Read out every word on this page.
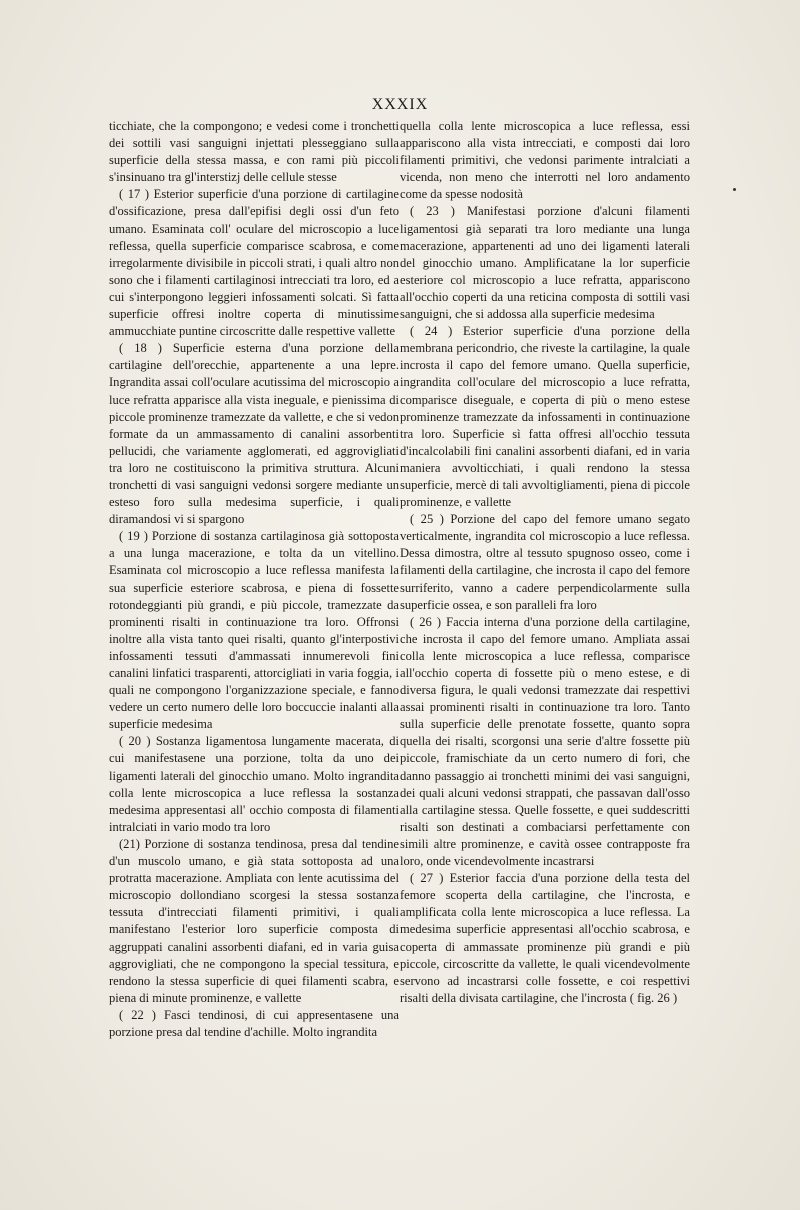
XXXIX

ticchiate, che la compongono; e vedesi come i tronchetti dei sottili vasi sanguigni injettati plesseggiano sulla superficie della stessa massa, e con rami più piccoli s'insinuano tra gl'interstizj delle cellule stesse

( 17 ) Esterior superficie d'una porzione di cartilagine d'ossificazione, presa dall'epifisi degli ossi d'un feto umano. Esaminata coll' oculare del microscopio a luce reflessa, quella superficie comparisce scabrosa, e come irregolarmente divisibile in piccoli strati, i quali altro non sono che i filamenti cartilaginosi intrecciati tra loro, ed a cui s'interpongono leggieri infossamenti solcati. Sì fatta superficie offresi inoltre coperta di minutissime ammucchiate puntine circoscritte dalle respettive vallette

( 18 ) Superficie esterna d'una porzione della cartilagine dell'orecchie, appartenente a una lepre. Ingrandita assai coll'oculare acutissima del microscopio a luce refratta apparisce alla vista ineguale, e pienissima di piccole prominenze tramezzate da vallette, e che si vedon formate da un ammassamento di canalini assorbenti pellucidi, che variamente agglomerati, ed aggrovigliati tra loro ne costituiscono la primitiva struttura. Alcuni tronchetti di vasi sanguigni vedonsi sorgere mediante un esteso foro sulla medesima superficie, i quali diramandosi vi si spargono

( 19 ) Porzione di sostanza cartilaginosa già sottoposta a una lunga macerazione, e tolta da un vitellino. Esaminata col microscopio a luce reflessa manifesta la sua superficie esteriore scabrosa, e piena di fossette rotondeggianti più grandi, e più piccole, tramezzate da prominenti risalti in continuazione tra loro. Offronsi inoltre alla vista tanto quei risalti, quanto gl'interpostivi infossamenti tessuti d'ammassati innumerevoli fini canalini linfatici trasparenti, attorcigliati in varia foggia, i quali ne compongono l'organizzazione speciale, e fanno vedere un certo numero delle loro boccuccie inalanti alla superficie medesima

( 20 ) Sostanza ligamentosa lungamente macerata, di cui manifestasene una porzione, tolta da uno dei ligamenti laterali del ginocchio umano. Molto ingrandita colla lente microscopica a luce reflessa la sostanza medesima appresentasi all' occhio composta di filamenti intralciati in vario modo tra loro

(21) Porzione di sostanza tendinosa, presa dal tendine d'un muscolo umano, e già stata sottoposta ad una protratta macerazione. Ampliata con lente acutissima del microscopio dollondiano scorgesi la stessa sostanza tessuta d'intrecciati filamenti primitivi, i quali manifestano l'esterior loro superficie composta di aggruppati canalini assorbenti diafani, ed in varia guisa aggrovigliati, che ne compongono la special tessitura, e rendono la stessa superficie di quei filamenti scabra, e piena di minute prominenze, e vallette

( 22 ) Fasci tendinosi, di cui appresentasene una porzione presa dal tendine d'achille. Molto ingrandita

quella colla lente microscopica a luce reflessa, essi appariscono alla vista intrecciati, e composti dai loro filamenti primitivi, che vedonsi parimente intralciati a vicenda, non meno che interrotti nel loro andamento come da spesse nodosità

( 23 ) Manifestasi porzione d'alcuni filamenti ligamentosi già separati tra loro mediante una lunga macerazione, appartenenti ad uno dei ligamenti laterali del ginocchio umano. Amplificatane la lor superficie esteriore col microscopio a luce refratta, appariscono all'occhio coperti da una reticina composta di sottili vasi sanguigni, che si addossa alla superficie medesima

( 24 ) Esterior superficie d'una porzione della membrana pericondrio, che riveste la cartilagine, la quale incrosta il capo del femore umano. Quella superficie, ingrandita coll'oculare del microscopio a luce refratta, comparisce diseguale, e coperta di più o meno estese prominenze tramezzate da infossamenti in continuazione tra loro. Superficie sì fatta offresi all'occhio tessuta d'incalcolabili fini canalini assorbenti diafani, ed in varia maniera avvolticchiati, i quali rendono la stessa superficie, mercè di tali avvoltigliamenti, piena di piccole prominenze, e vallette

( 25 ) Porzione del capo del femore umano segato verticalmente, ingrandita col microscopio a luce reflessa. Dessa dimostra, oltre al tessuto spugnoso osseo, come i filamenti della cartilagine, che incrosta il capo del femore surriferito, vanno a cadere perpendicolarmente sulla superficie ossea, e son paralleli fra loro

( 26 ) Faccia interna d'una porzione della cartilagine, che incrosta il capo del femore umano. Ampliata assai colla lente microscopica a luce reflessa, comparisce all'occhio coperta di fossette più o meno estese, e di diversa figura, le quali vedonsi tramezzate dai respettivi assai prominenti risalti in continuazione tra loro. Tanto sulla superficie delle prenotate fossette, quanto sopra quella dei risalti, scorgonsi una serie d'altre fossette più piccole, framischiate da un certo numero di fori, che danno passaggio ai tronchetti minimi dei vasi sanguigni, dei quali alcuni vedonsi strappati, che passavan dall'osso alla cartilagine stessa. Quelle fossette, e quei suddescritti risalti son destinati a combaciarsi perfettamente con simili altre prominenze, e cavità ossee contrapposte fra loro, onde vicendevolmente incastrarsi

( 27 ) Esterior faccia d'una porzione della testa del femore scoperta della cartilagine, che l'incrosta, e amplificata colla lente microscopica a luce reflessa. La medesima superficie appresentasi all'occhio scabrosa, e coperta di ammassate prominenze più grandi e più piccole, circoscritte da vallette, le quali vicendevolmente servono ad incastrarsi colle fossette, e coi respettivi risalti della divisata cartilagine, che l'incrosta ( fig. 26 )
